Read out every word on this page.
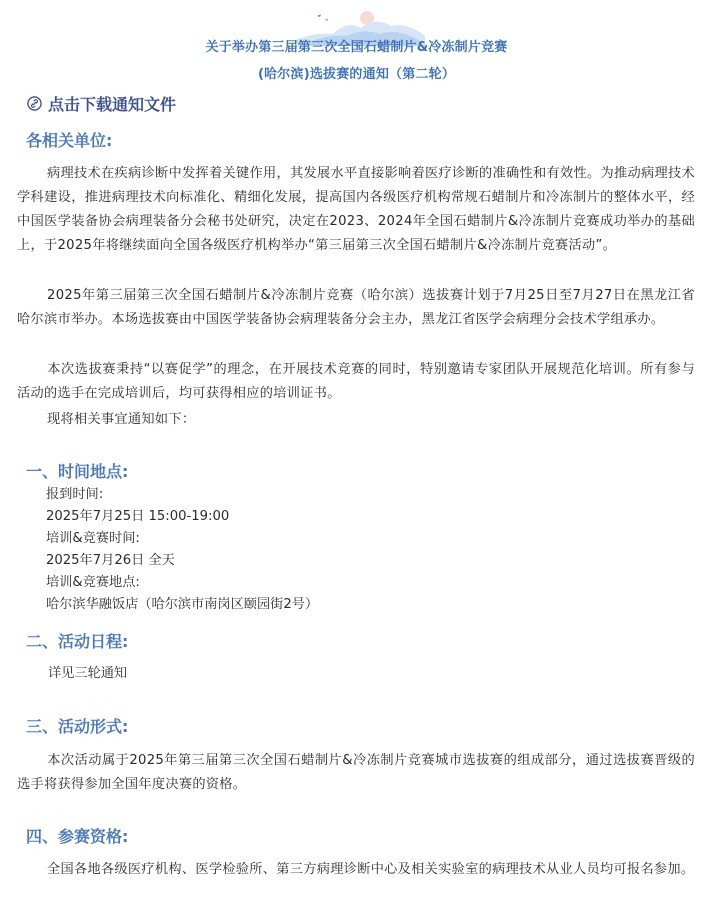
关于举办第三届第三次全国石蜡制片&冷冻制片竞赛
(哈尔滨)选拔赛的通知（第二轮）
点击下载通知文件
各相关单位:
病理技术在疾病诊断中发挥着关键作用，其发展水平直接影响着医疗诊断的准确性和有效性。为推动病理技术学科建设，推进病理技术向标准化、精细化发展，提高国内各级医疗机构常规石蜡制片和冷冻制片的整体水平，经中国医学装备协会病理装备分会秘书处研究，决定在2023、2024年全国石蜡制片&冷冻制片竞赛成功举办的基础上，于2025年将继续面向全国各级医疗机构举办“第三届第三次全国石蜡制片&冷冻制片竞赛活动”。
2025年第三届第三次全国石蜡制片&冷冻制片竞赛（哈尔滨）选拔赛计划于7月25日至7月27日在黑龙江省哈尔滨市举办。本场选拔赛由中国医学装备协会病理装备分会主办，黑龙江省医学会病理分会技术学组承办。
本次选拔赛秉持“以赛促学”的理念，在开展技术竞赛的同时，特别邀请专家团队开展规范化培训。所有参与活动的选手在完成培训后，均可获得相应的培训证书。
现将相关事宜通知如下：
一、时间地点:
报到时间:
2025年7月25日 15:00-19:00
培训&竞赛时间:
2025年7月26日 全天
培训&竞赛地点:
哈尔滨华融饭店（哈尔滨市南岗区颐园街2号）
二、活动日程:
详见三轮通知
三、活动形式:
本次活动属于2025年第三届第三次全国石蜡制片&冷冻制片竞赛城市选拔赛的组成部分，通过选拔赛晋级的选手将获得参加全国年度决赛的资格。
四、参赛资格:
全国各地各级医疗机构、医学检验所、第三方病理诊断中心及相关实验室的病理技术从业人员均可报名参加。
